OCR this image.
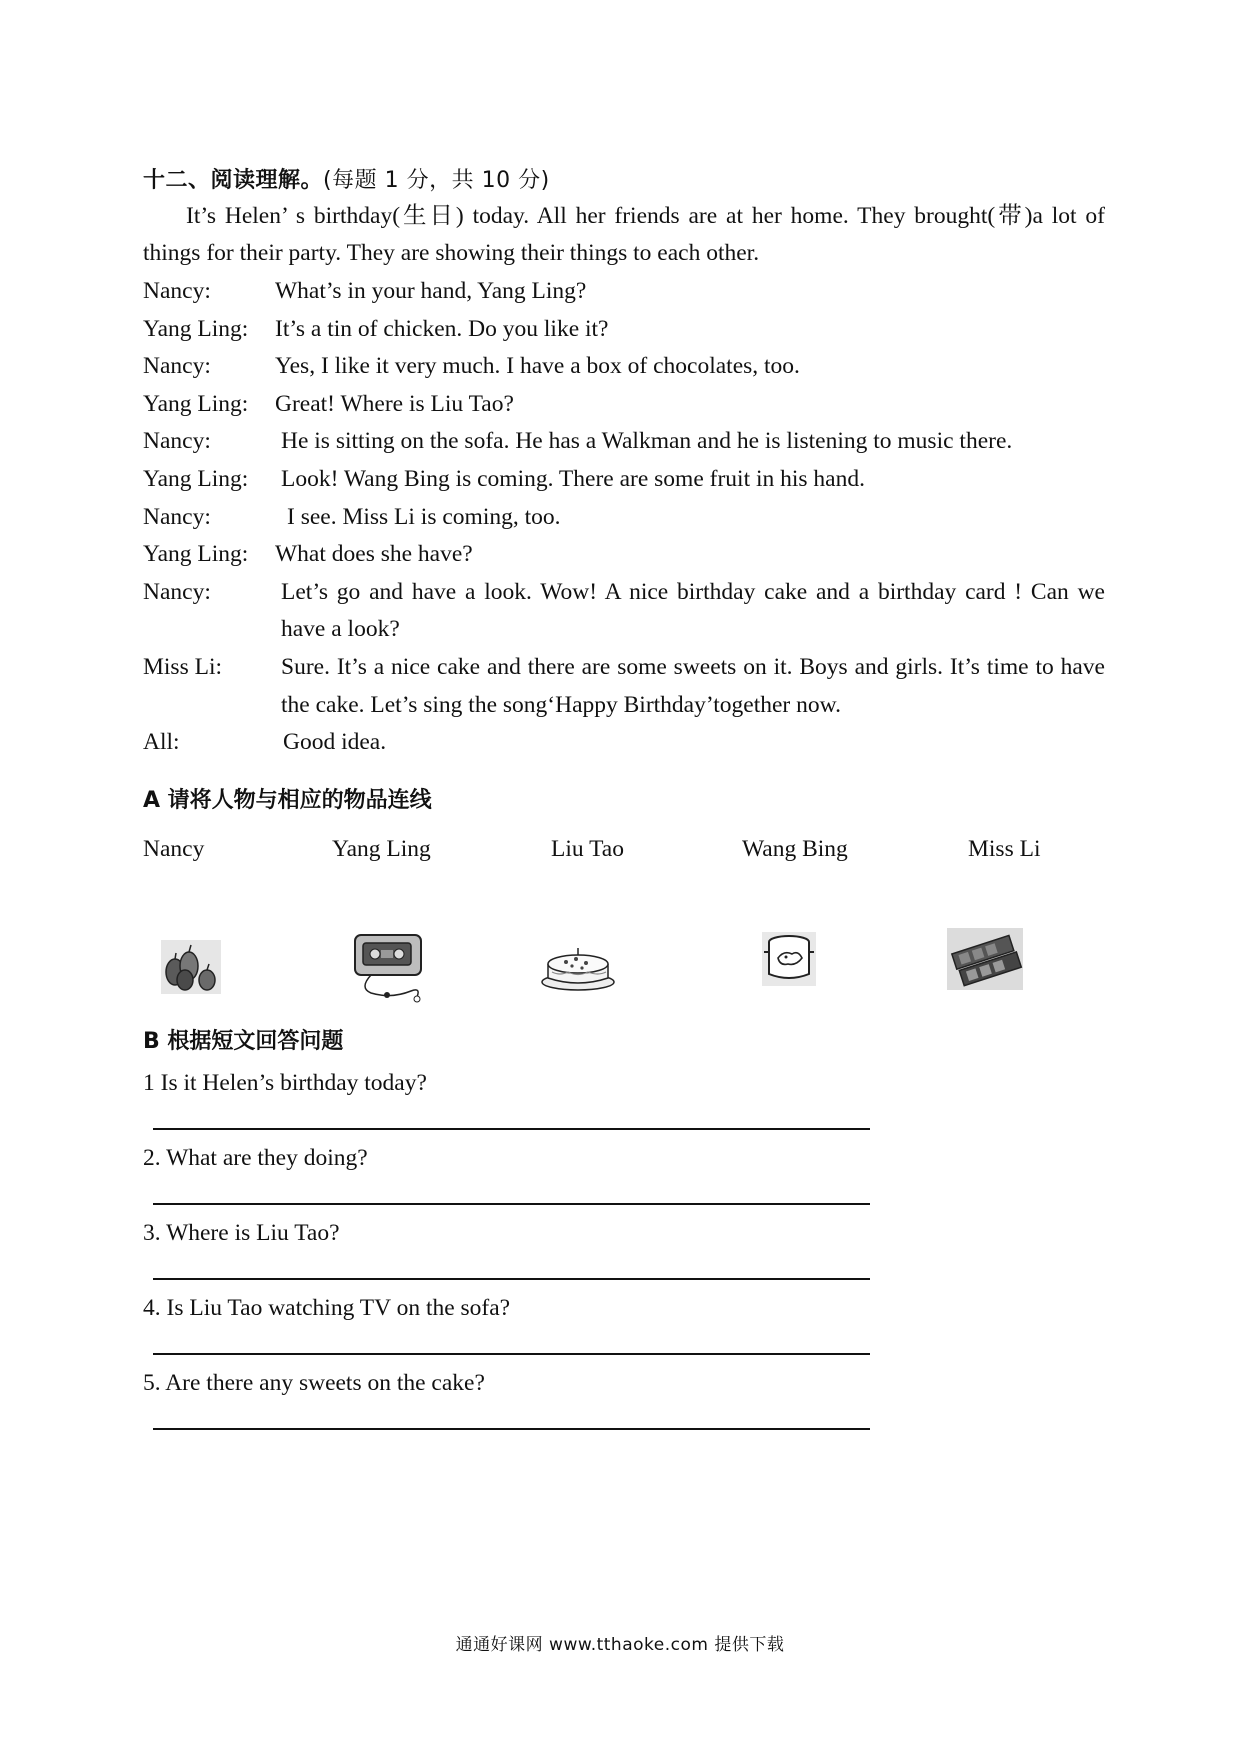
十二、阅读理解。(每题 1 分，共 10 分)
It’s Helen’ s birthday(生日) today. All her friends are at her home. They brought(带)a lot of things for their party. They are showing their things to each other.
Nancy:	What’s in your hand, Yang Ling?
Yang Ling:	It’s a tin of chicken. Do you like it?
Nancy:	Yes, I like it very much. I have a box of chocolates, too.
Yang Ling:	Great! Where is Liu Tao?
Nancy:	He is sitting on the sofa. He has a Walkman and he is listening to music there.
Yang Ling:	Look! Wang Bing is coming. There are some fruit in his hand.
Nancy:	I see. Miss Li is coming, too.
Yang Ling:	What does she have?
Nancy:	Let’s go and have a look. Wow! A nice birthday cake and a birthday card ! Can we have a look?
Miss Li:	Sure. It’s a nice cake and there are some sweets on it. Boys and girls. It’s time to have the cake. Let’s sing the song‘Happy Birthday’together now.
All:	Good idea.
A 请将人物与相应的物品连线
Nancy	Yang Ling	Liu Tao	Wang Bing	Miss Li
B 根据短文回答问题
1 Is it Helen’s birthday today?
2. What are they doing?
3. Where is Liu Tao?
4. Is Liu Tao watching TV on the sofa?
5. Are there any sweets on the cake?
通通好课网 www.tthaoke.com 提供下载
